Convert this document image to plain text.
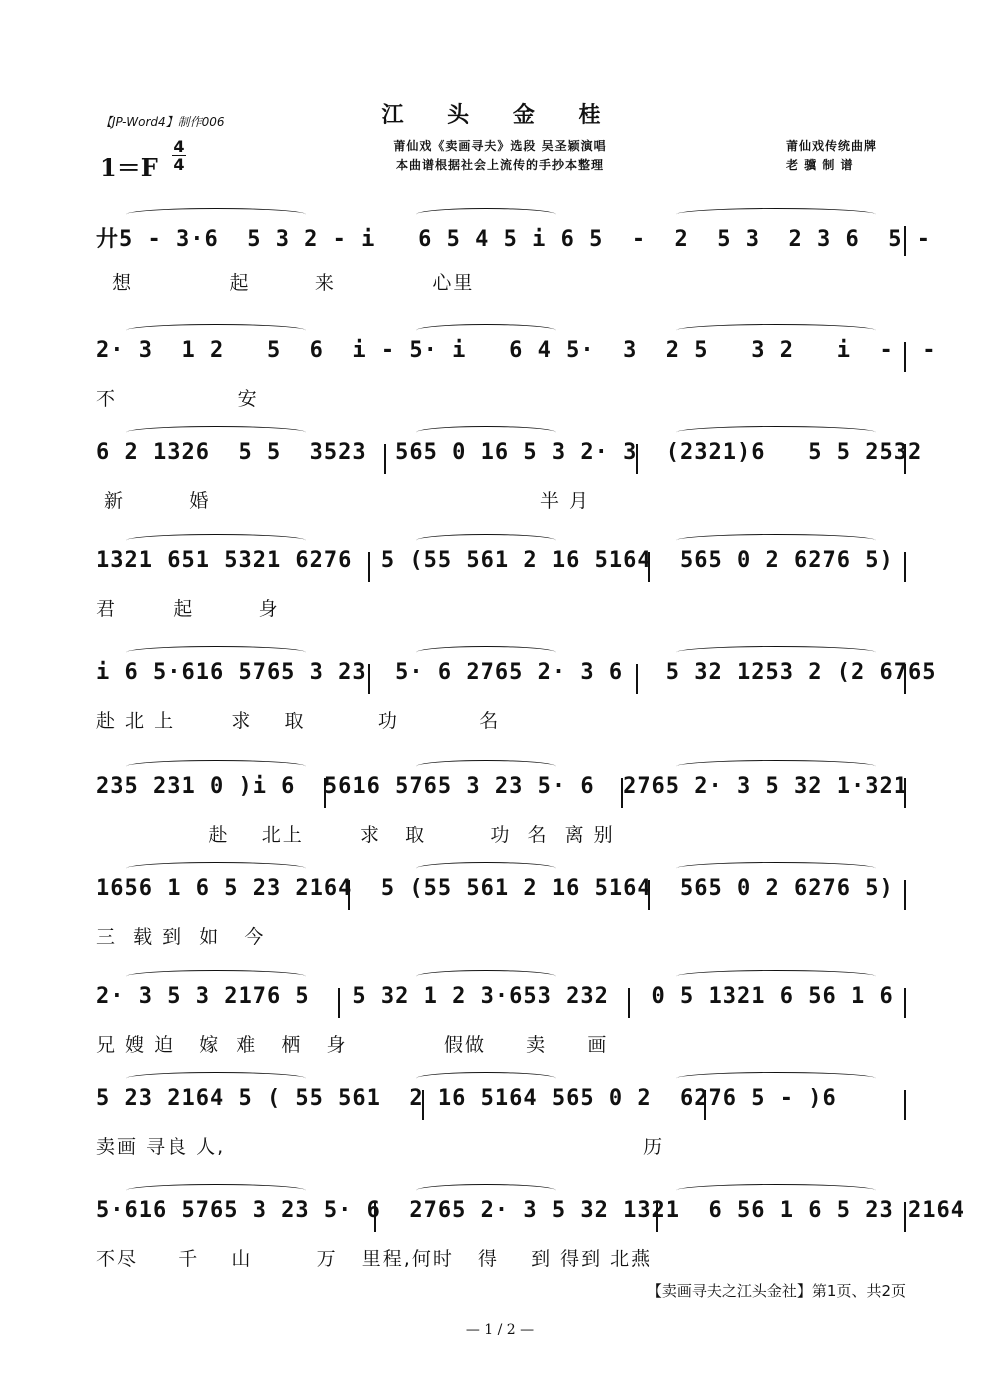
【JP-Word4】制作006	江 头 金 桂
1＝F
4
4
莆仙戏《卖画寻夫》选段 吴圣颖演唱
本曲谱根据社会上流传的手抄本整理
莆仙戏传统曲牌
老 骥 制 谱
廾5 - 3·6  5 3 2 - i   6 5 4 5 i 6 5  -  2  5 3  2 3 6  5 -
想            起        来            心里
2· 3  1 2   5  6  i - 5· i   6 4 5·  3  2 5   3 2   i  -  -
不               安
6 2 1326  5 5  3523  565 0 16 5 3 2· 3  (2321)6   5 5 2532
新        婚                                         半 月
1321 651 5321 6276  5 (55 561 2 16 5164  565 0 2 6276 5)
君       起        身
i 6 5·616 5765 3 23  5· 6 2765 2· 3 6   5 32 1253 2 (2 6765
赴 北 上       求    取         功          名
235 231 0 )i 6  5616 5765 3 23 5· 6  2765 2· 3 5 32 1·321
赴    北上       求   取        功  名  离 别
1656 1 6 5 23 2164  5 (55 561 2 16 5164  565 0 2 6276 5)
三  载 到  如   今
2· 3 5 3 2176 5   5 32 1 2 3·653 232   0 5 1321 6 56 1 6
兄 嫂 迫   嫁  难   栖   身            假做     卖     画
5 23 2164 5 ( 55 561  2 16 5164 565 0 2  6276 5 - )6
卖画 寻良 人,                                                    历
5·616 5765 3 23 5· 6  2765 2· 3 5 32 1321  6 56 1 6 5 23 2164
不尽     千    山        万   里程,何时   得    到 得到 北燕
【卖画寻夫之江头金社】第1页、共2页
— 1 / 2 —
